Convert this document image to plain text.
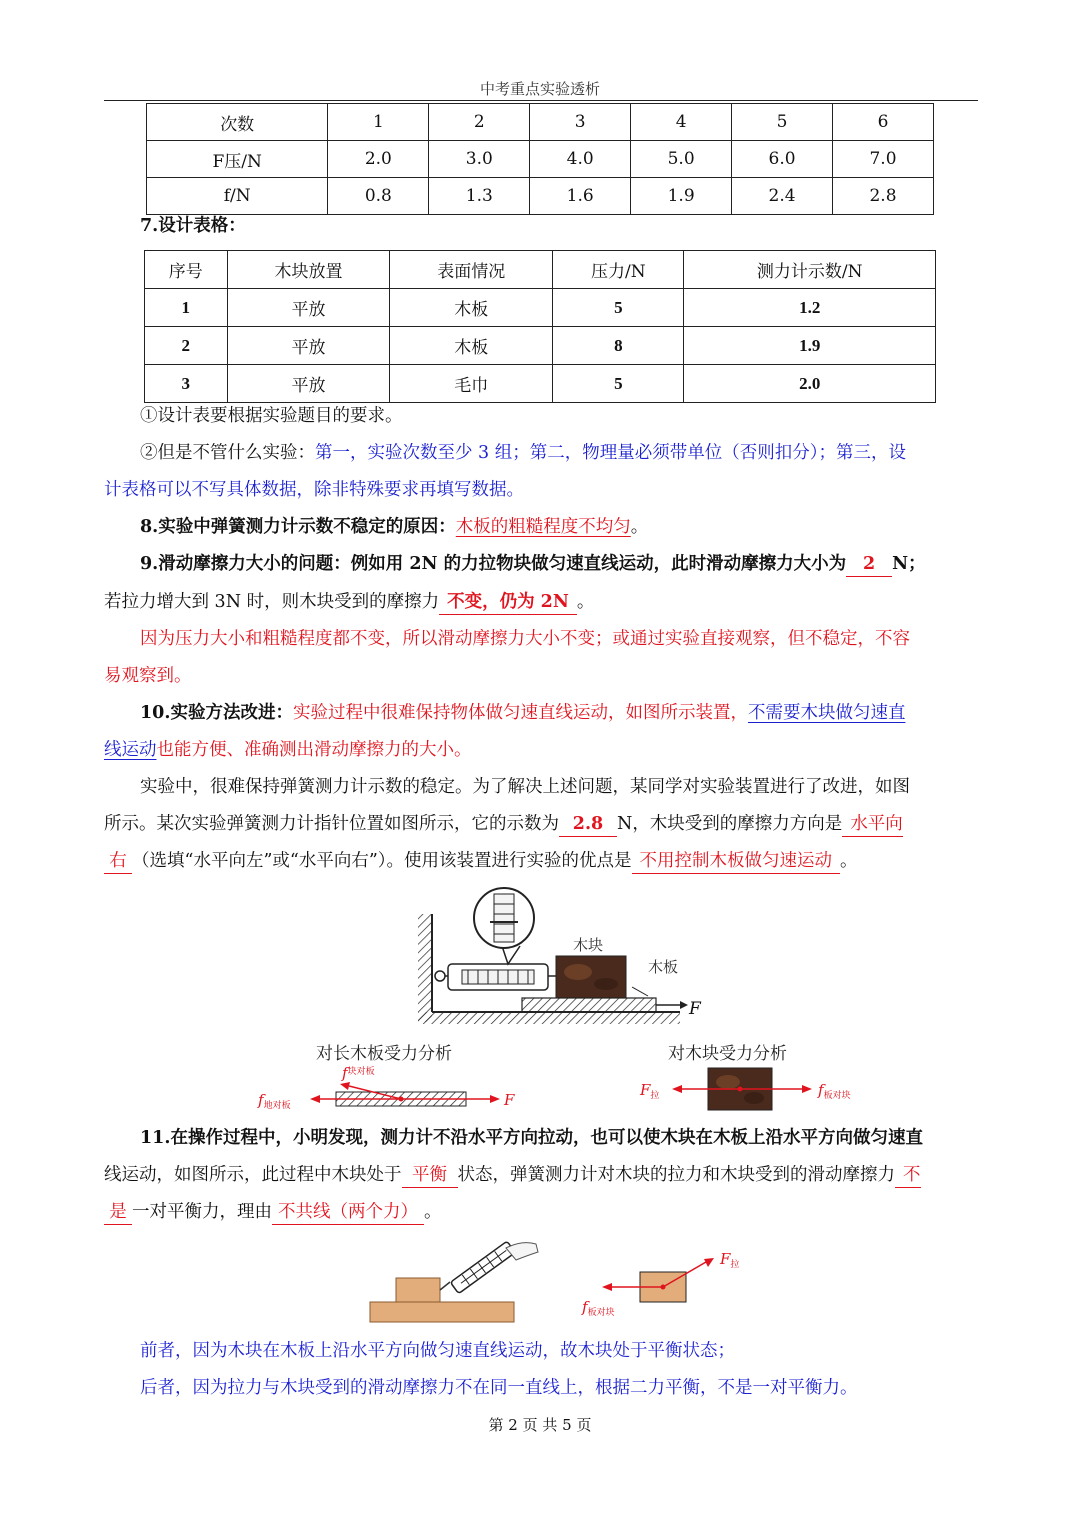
中考重点实验透析
次数	1	2	3	4	5	6
F压/N	2.0	3.0	4.0	5.0	6.0	7.0
f/N	0.8	1.3	1.6	1.9	2.4	2.8
7.设计表格：
序号	木块放置	表面情况	压力/N	测力计示数/N
1	平放	木板	5	1.2
2	平放	木板	8	1.9
3	平放	毛巾	5	2.0
①设计表要根据实验题目的要求。
②但是不管什么实验：第一，实验次数至少 3 组；第二，物理量必须带单位（否则扣分）；第三，设
计表格可以不写具体数据，除非特殊要求再填写数据。
8.实验中弹簧测力计示数不稳定的原因：木板的粗糙程度不均匀。
9.滑动摩擦力大小的问题：例如用 2N 的力拉物块做匀速直线运动，此时滑动摩擦力大小为 2 N；
若拉力增大到 3N 时，则木块受到的摩擦力 不变，仍为 2N 。
因为压力大小和粗糙程度都不变，所以滑动摩擦力大小不变；或通过实验直接观察，但不稳定，不容
易观察到。
10.实验方法改进：实验过程中很难保持物体做匀速直线运动，如图所示装置，不需要木块做匀速直
线运动也能方便、准确测出滑动摩擦力的大小。
实验中，很难保持弹簧测力计示数的稳定。为了解决上述问题，某同学对实验装置进行了改进，如图
所示。某次实验弹簧测力计指针位置如图所示，它的示数为 2.8 N，木块受到的摩擦力方向是 水平向
右 （选填“水平向左”或“水平向右”）。使用该装置进行实验的优点是 不用控制木板做匀速运动 。
木块
木板
F
对长木板受力分析	对木块受力分析
$f_{地对板}$
$f^{块对板}$
F
$F_拉$	$f_{板对块}$
11.在操作过程中，小明发现，测力计不沿水平方向拉动，也可以使木块在木板上沿水平方向做匀速直
线运动，如图所示，此过程中木块处于 平衡 状态，弹簧测力计对木块的拉力和木块受到的滑动摩擦力 不
是 一对平衡力，理由 不共线（两个力） 。
$F_拉$
$f_{板对块}$
前者，因为木块在木板上沿水平方向做匀速直线运动，故木块处于平衡状态；
后者，因为拉力与木块受到的滑动摩擦力不在同一直线上，根据二力平衡，不是一对平衡力。
第 2 页 共 5 页
